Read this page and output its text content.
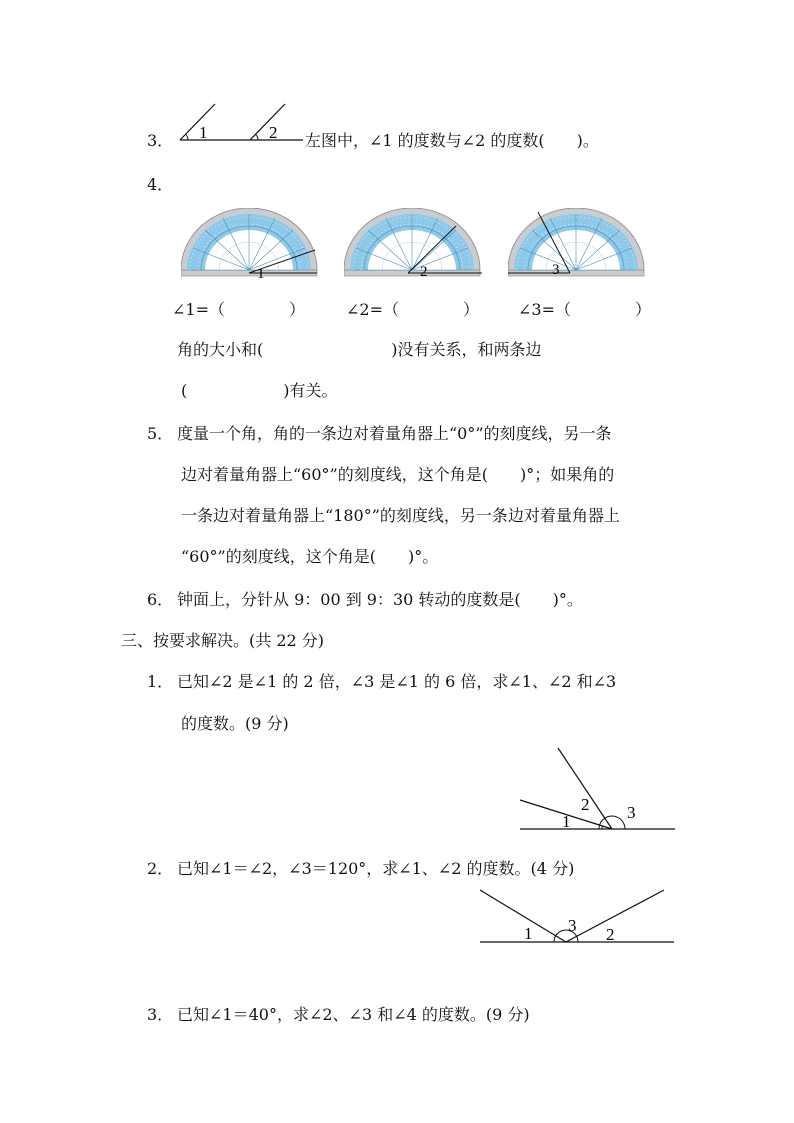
3． 1	2 左图中，∠1 的度数与∠2 的度数(　　)。
4．
1	2	3
∠1=（　　　　）	∠2=（　　　　） ∠3=（　　　　）
角的大小和(　　　　　　　　)没有关系，和两条边
(　　　　　　)有关。
5． 度量一个角，角的一条边对着量角器上“0°”的刻度线，另一条
边对着量角器上“60°”的刻度线，这个角是(　　)°；如果角的
一条边对着量角器上“180°”的刻度线，另一条边对着量角器上
“60°”的刻度线，这个角是(　　)°。
6． 钟面上，分针从 9：00 到 9：30 转动的度数是(　　)°。
三、按要求解决。(共 22 分)
1． 已知∠2 是∠1 的 2 倍，∠3 是∠1 的 6 倍，求∠1、∠2 和∠3
的度数。(9 分)
1
2 3
2． 已知∠1＝∠2，∠3＝120°，求∠1、∠2 的度数。(4 分)
1 3 2
3． 已知∠1＝40°，求∠2、∠3 和∠4 的度数。(9 分)
